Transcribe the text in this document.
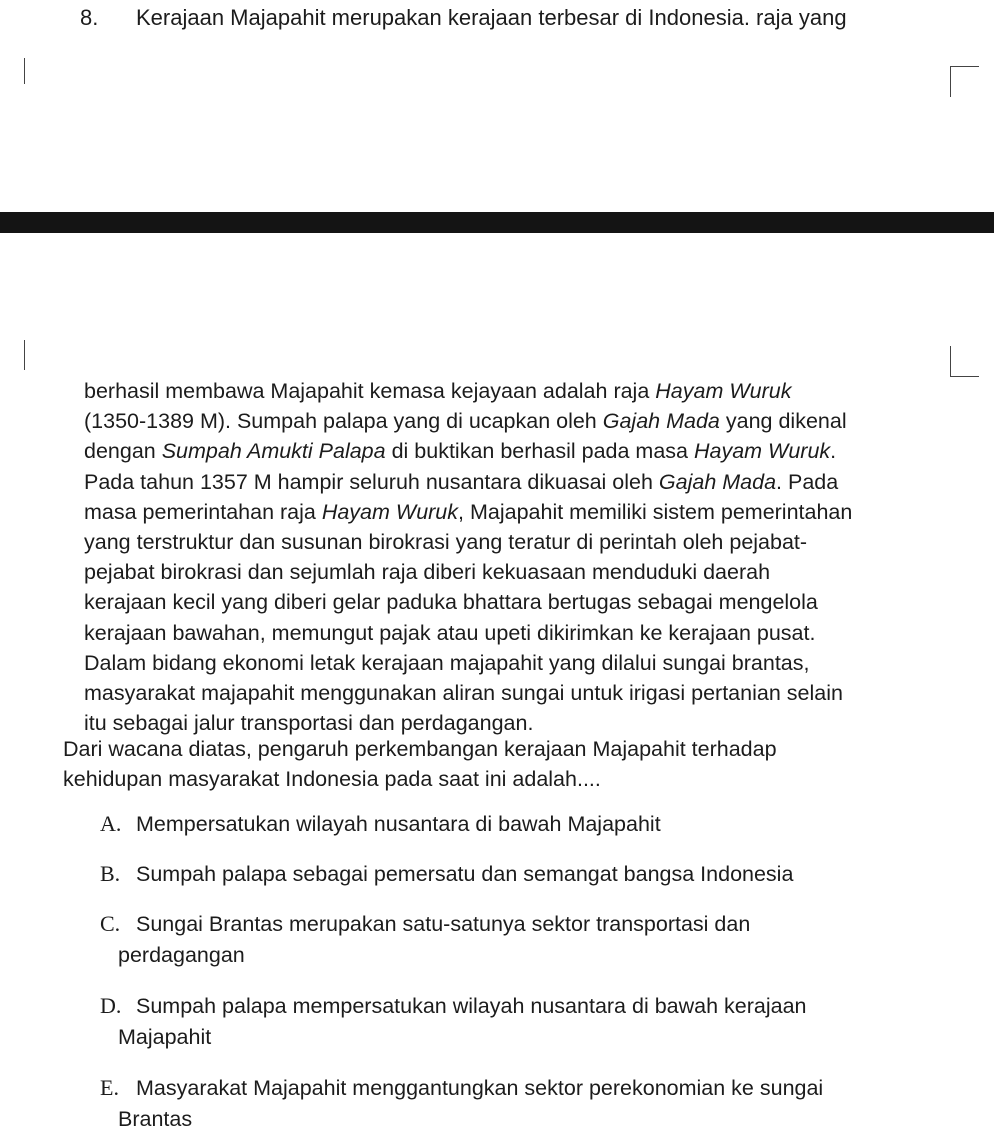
8. Kerajaan Majapahit merupakan kerajaan terbesar di Indonesia. raja yang
berhasil membawa Majapahit kemasa kejayaan adalah raja Hayam Wuruk
(1350-1389 M). Sumpah palapa yang di ucapkan oleh Gajah Mada yang dikenal
dengan Sumpah Amukti Palapa di buktikan berhasil pada masa Hayam Wuruk.
Pada tahun 1357 M hampir seluruh nusantara dikuasai oleh Gajah Mada. Pada
masa pemerintahan raja Hayam Wuruk, Majapahit memiliki sistem pemerintahan
yang terstruktur dan susunan birokrasi yang teratur di perintah oleh pejabat-
pejabat birokrasi dan sejumlah raja diberi kekuasaan menduduki daerah
kerajaan kecil yang diberi gelar paduka bhattara bertugas sebagai mengelola
kerajaan bawahan, memungut pajak atau upeti dikirimkan ke kerajaan pusat.
Dalam bidang ekonomi letak kerajaan majapahit yang dilalui sungai brantas,
masyarakat majapahit menggunakan aliran sungai untuk irigasi pertanian selain
itu sebagai jalur transportasi dan perdagangan.
Dari wacana diatas, pengaruh perkembangan kerajaan Majapahit terhadap
kehidupan masyarakat Indonesia pada saat ini adalah....
A. Mempersatukan wilayah nusantara di bawah Majapahit
B. Sumpah palapa sebagai pemersatu dan semangat bangsa Indonesia
C. Sungai Brantas merupakan satu-satunya sektor transportasi dan
perdagangan
D. Sumpah palapa mempersatukan wilayah nusantara di bawah kerajaan
Majapahit
E. Masyarakat Majapahit menggantungkan sektor perekonomian ke sungai
Brantas
